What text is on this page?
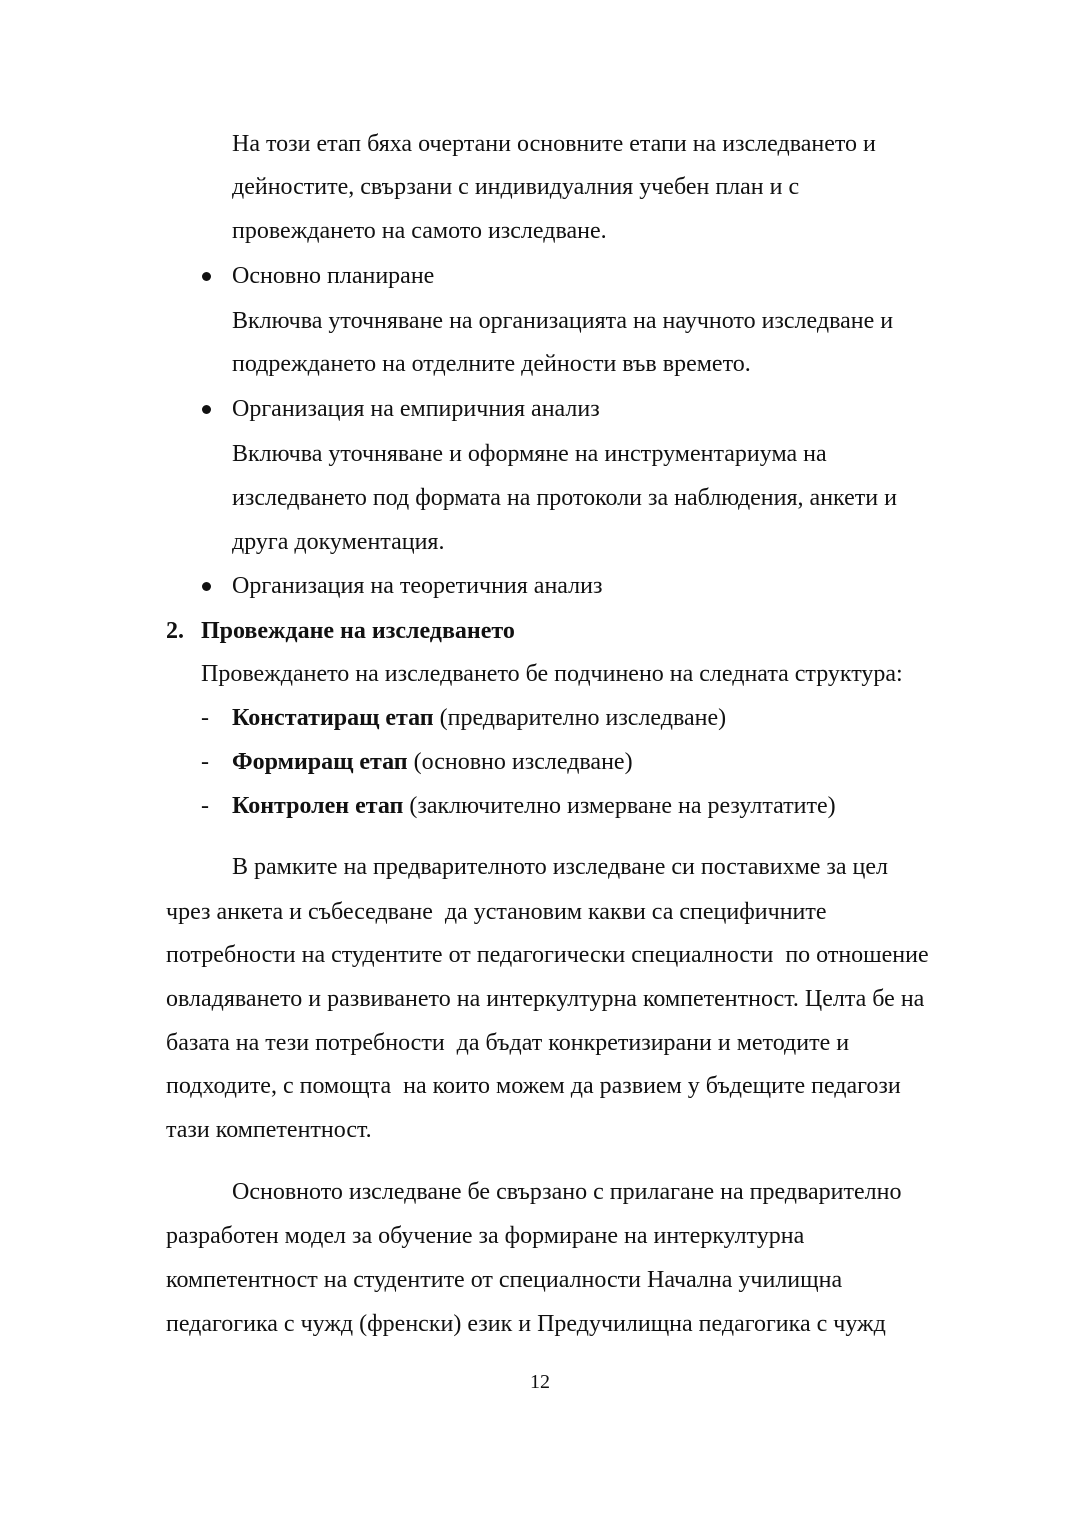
На този етап бяха очертани основните етапи на изследването и
дейностите, свързани с индивидуалния учебен план и с
провеждането на самото изследване.
Основно планиране
Включва уточняване на организацията на научното изследване и
подреждането на отделните дейности във времето.
Организация на емпиричния анализ
Включва уточняване и оформяне на инструментариума на
изследването под формата на протоколи за наблюдения, анкети и
друга документация.
Организация на теоретичния анализ
2. Провеждане на изследването
Провеждането на изследването бе подчинено на следната структура:
- Констатиращ етап (предварително изследване)
- Формиращ етап (основно изследване)
- Контролен етап (заключително измерване на резултатите)
В рамките на предварителното изследване си поставихме за цел
чрез анкета и събеседване  да установим какви са специфичните
потребности на студентите от педагогически специалности  по отношение
овладяването и развиването на интеркултурна компетентност. Целта бе на
базата на тези потребности  да бъдат конкретизирани и методите и
подходите, с помощта  на които можем да развием у бъдещите педагози
тази компетентност.
Основното изследване бе свързано с прилагане на предварително
разработен модел за обучение за формиране на интеркултурна
компетентност на студентите от специалности Начална училищна
педагогика с чужд (френски) език и Предучилищна педагогика с чужд
12
